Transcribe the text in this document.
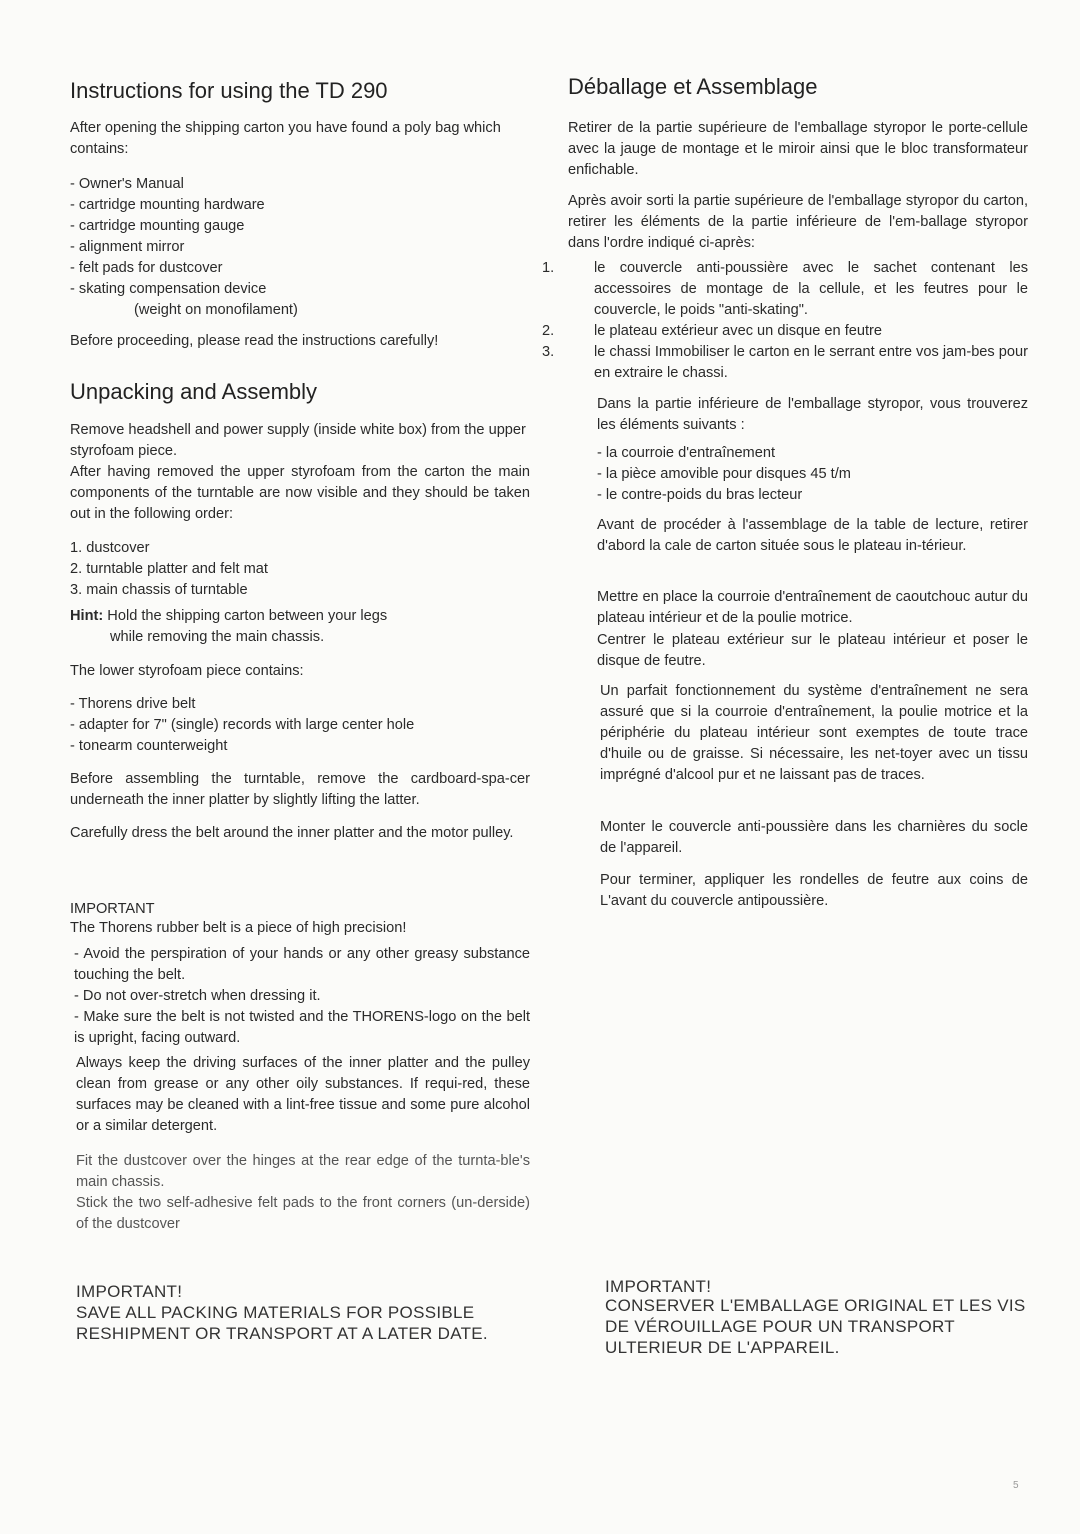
Instructions for using the TD 290

After opening the shipping carton you have found a poly bag which contains:

- Owner's Manual
- cartridge mounting hardware
- cartridge mounting gauge
- alignment mirror
- felt pads for dustcover
- skating compensation device
(weight on monofilament)

Before proceeding, please read the instructions carefully!

Unpacking and Assembly

Remove headshell and power supply (inside white box) from the upper styrofoam piece.

After having removed the upper styrofoam from the carton the main components of the turntable are now visible and they should be taken out in the following order:

1. dustcover
2. turntable platter and felt mat
3. main chassis of turntable
Hint: Hold the shipping carton between your legs
while removing the main chassis.

The lower styrofoam piece contains:

- Thorens drive belt
- adapter for 7" (single) records with large center hole
- tonearm counterweight

Before assembling the turntable, remove the cardboard-spa-cer underneath the inner platter by slightly lifting the latter.

Carefully dress the belt around the inner platter and the motor pulley.

IMPORTANT

The Thorens rubber belt is a piece of high precision!

- Avoid the perspiration of your hands or any other greasy substance touching the belt.
- Do not over-stretch when dressing it.
- Make sure the belt is not twisted and the THORENS-logo on the belt is upright, facing outward.

Always keep the driving surfaces of the inner platter and the pulley clean from grease or any other oily substances. If requi-red, these surfaces may be cleaned with a lint-free tissue and some pure alcohol or a similar detergent.

Fit the dustcover over the hinges at the rear edge of the turnta-ble's main chassis.

Stick the two self-adhesive felt pads to the front corners (un-derside) of the dustcover

IMPORTANT!

SAVE ALL PACKING MATERIALS FOR POSSIBLE RESHIPMENT OR TRANSPORT AT A LATER DATE.

Déballage et Assemblage

Retirer de la partie supérieure de l'emballage styropor le porte-cellule avec la jauge de montage et le miroir ainsi que le bloc transformateur enfichable.

Après avoir sorti la partie supérieure de l'emballage styropor du carton, retirer les éléments de la partie inférieure de l'em-ballage styropor dans l'ordre indiqué ci-après:

1.	le couvercle anti-poussière avec le sachet contenant les accessoires de montage de la cellule, et les feutres pour le couvercle, le poids "anti-skating".
2.	le plateau extérieur avec un disque en feutre
3.	le chassi Immobiliser le carton en le serrant entre vos jam-bes pour en extraire le chassi.

Dans la partie inférieure de l'emballage styropor, vous trouverez les éléments suivants :

- la courroie d'entraînement
- la pièce amovible pour disques 45 t/m
- le contre-poids du bras lecteur

Avant de procéder à l'assemblage de la table de lecture, retirer d'abord la cale de carton située sous le plateau in-térieur.

Mettre en place la courroie d'entraînement de caoutchouc autur du plateau intérieur et de la poulie motrice.

Centrer le plateau extérieur sur le plateau intérieur et poser le disque de feutre.

Un parfait fonctionnement du système d'entraînement ne sera assuré que si la courroie d'entraînement, la poulie motrice et la périphérie du plateau intérieur sont exemptes de toute trace d'huile ou de graisse. Si nécessaire, les net-toyer avec un tissu imprégné d'alcool pur et ne laissant pas de traces.

Monter le couvercle anti-poussière dans les charnières du socle de l'appareil.

Pour terminer, appliquer les rondelles de feutre aux coins de L'avant du couvercle antipoussière.

IMPORTANT!

CONSERVER L'EMBALLAGE ORIGINAL ET LES VIS DE VÉROUILLAGE POUR UN TRANSPORT ULTERIEUR DE L'APPAREIL.

5
